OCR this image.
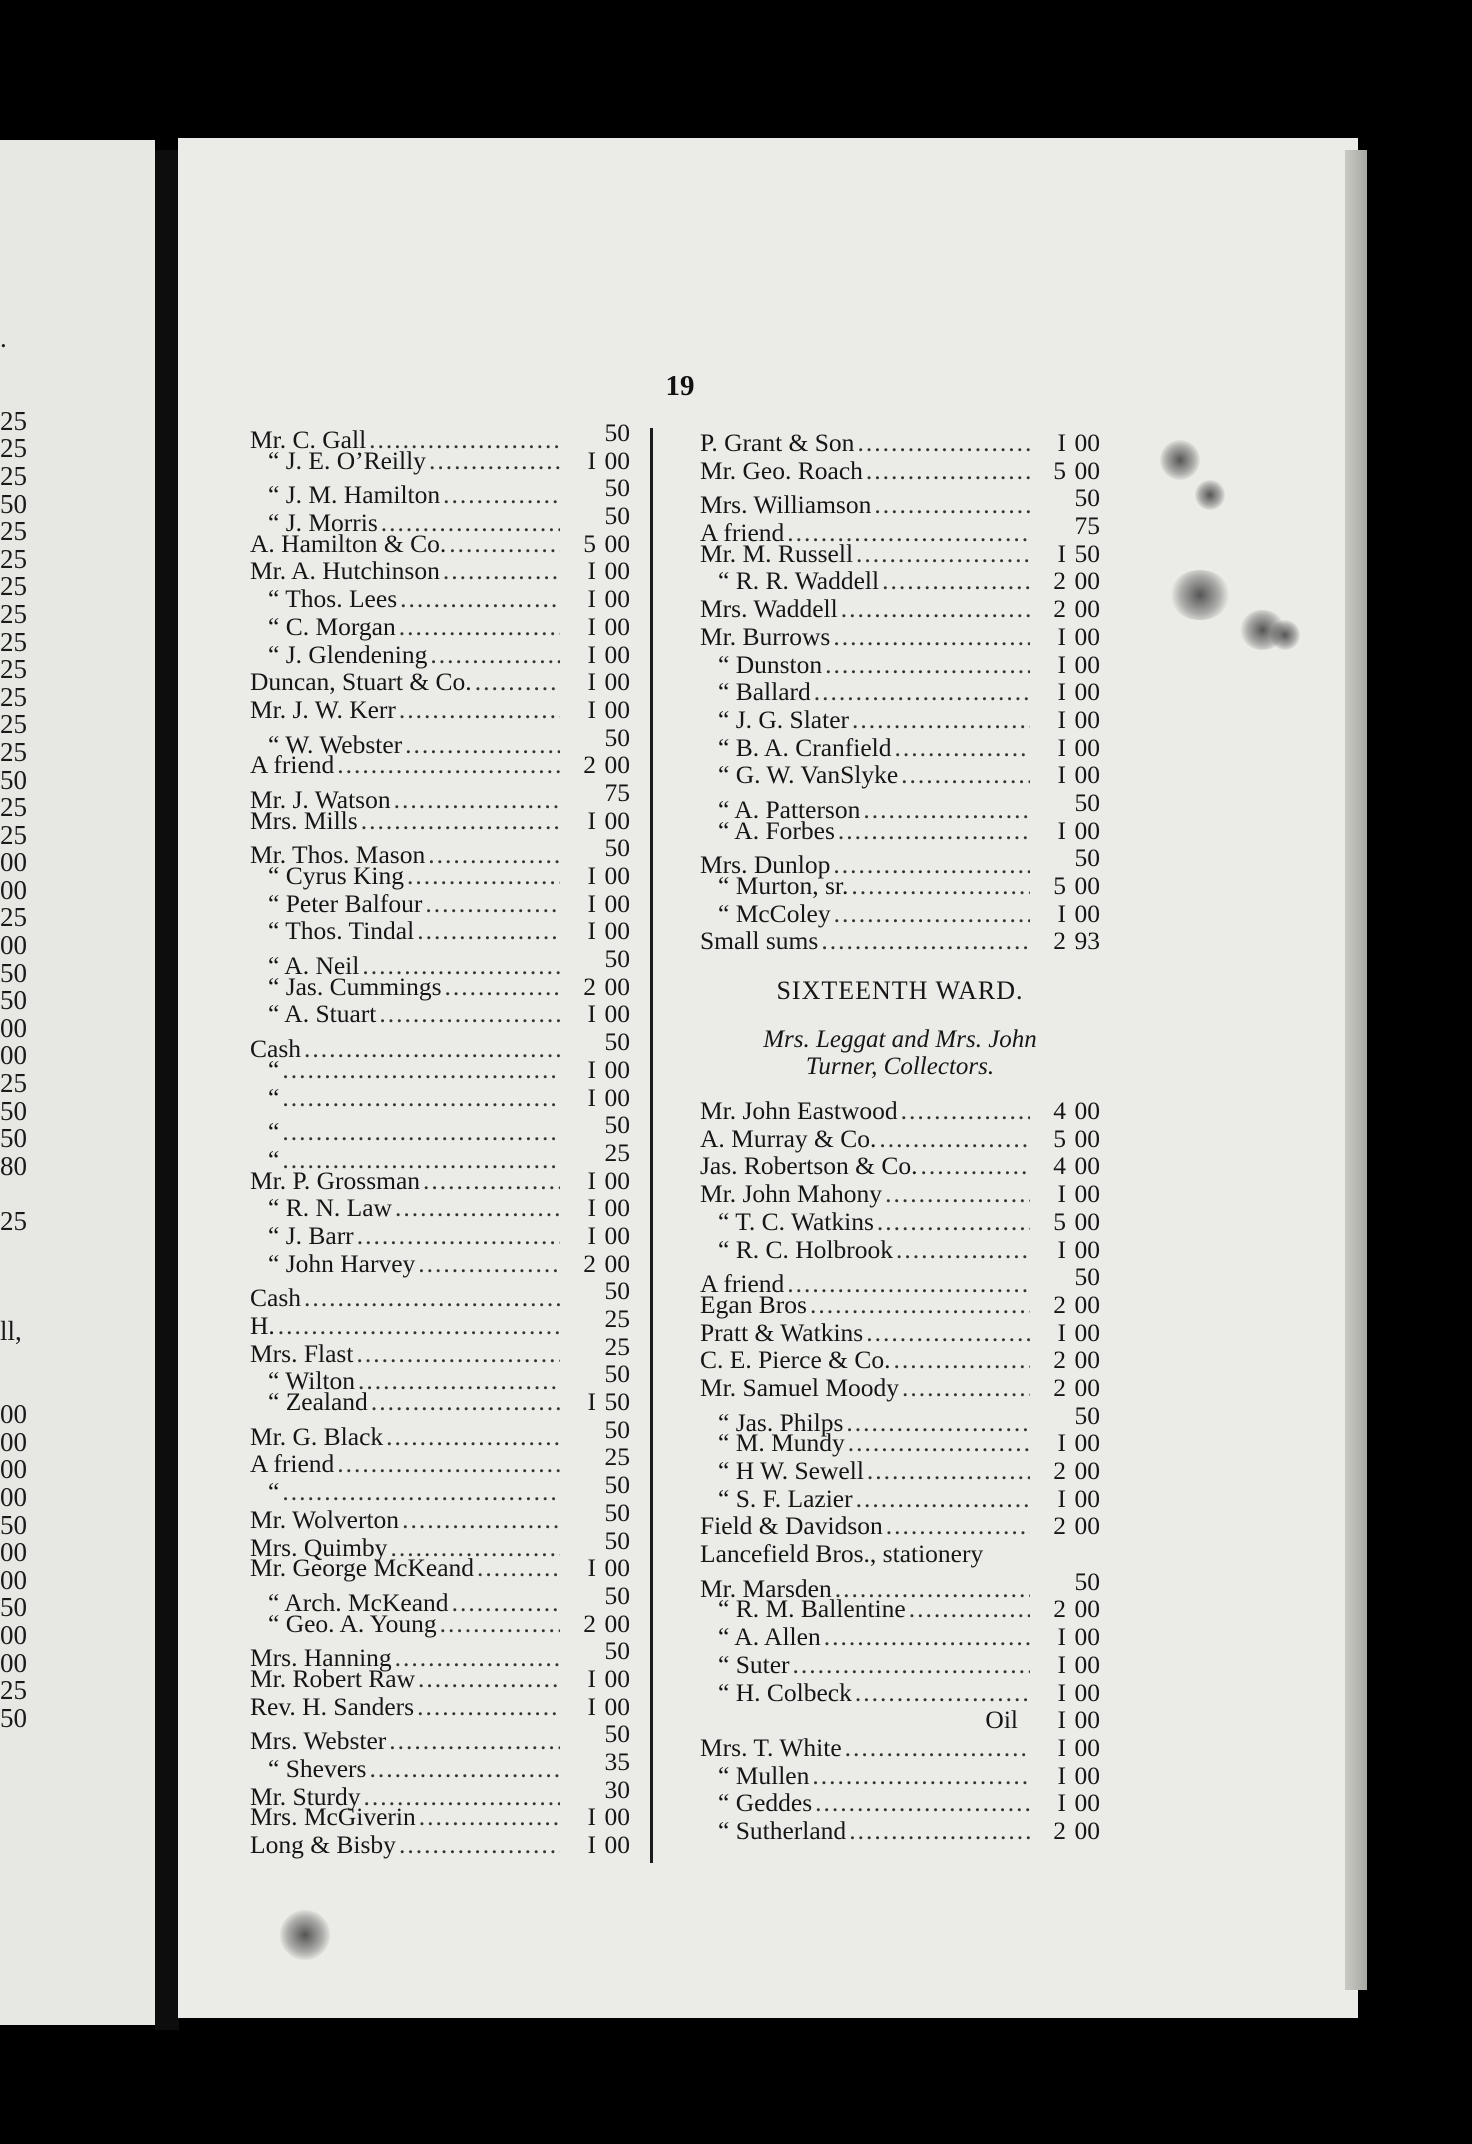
.
25
25
25
50
25
25
25
25
25
25
25
25
25
50
25
25
00
00
25
00
50
50
00
00
25
50
50
80
25
ll,
00
00
00
00
50
00
00
50
00
00
25
50
19
Mr. C. Gall .....	50
“ J. E. O’Reilly .....	I 00
“ J. M. Hamilton .....	50
“ J. Morris .....	50
A. Hamilton & Co. .....	5 00
Mr. A. Hutchinson .....	I 00
“ Thos. Lees .....	I 00
“ C. Morgan .....	I 00
“ J. Glendening .....	I 00
Duncan, Stuart & Co. .....	I 00
Mr. J. W. Kerr .....	I 00
“ W. Webster .....	50
A friend .....	2 00
Mr. J. Watson .....	75
Mrs. Mills .....	I 00
Mr. Thos. Mason .....	50
“ Cyrus King .....	I 00
“ Peter Balfour .....	I 00
“ Thos. Tindal .....	I 00
“ A. Neil .....	50
“ Jas. Cummings .....	2 00
“ A. Stuart .....	I 00
Cash .....	50
“ .....	I 00
“ .....	I 00
“ .....	50
“ .....	25
Mr. P. Grossman .....	I 00
“ R. N. Law .....	I 00
“ J. Barr .....	I 00
“ John Harvey .....	2 00
Cash .....	50
H. .....	25
Mrs. Flast .....	25
“ Wilton .....	50
“ Zealand .....	I 50
Mr. G. Black .....	50
A friend .....	25
“ .....	50
Mr. Wolverton .....	50
Mrs. Quimby .....	50
Mr. George McKeand .....	I 00
“ Arch. McKeand .....	50
“ Geo. A. Young .....	2 00
Mrs. Hanning .....	50
Mr. Robert Raw .....	I 00
Rev. H. Sanders .....	I 00
Mrs. Webster .....	50
“ Shevers .....	35
Mr. Sturdy .....	30
Mrs. McGiverin .....	I 00
Long & Bisby .....	I 00
P. Grant & Son .....	I 00
Mr. Geo. Roach .....	5 00
Mrs. Williamson .....	50
A friend .....	75
Mr. M. Russell .....	I 50
“ R. R. Waddell .....	2 00
Mrs. Waddell .....	2 00
Mr. Burrows .....	I 00
“ Dunston .....	I 00
“ Ballard .....	I 00
“ J. G. Slater .....	I 00
“ B. A. Cranfield .....	I 00
“ G. W. VanSlyke .....	I 00
“ A. Patterson .....	50
“ A. Forbes .....	I 00
Mrs. Dunlop .....	50
“ Murton, sr. .....	5 00
“ McColey .....	I 00
Small sums .....	2 93
SIXTEENTH WARD.
Mrs. Leggat and Mrs. John
Turner, Collectors.
Mr. John Eastwood .....	4 00
A. Murray & Co. .....	5 00
Jas. Robertson & Co. .....	4 00
Mr. John Mahony .....	I 00
“ T. C. Watkins .....	5 00
“ R. C. Holbrook .....	I 00
A friend .....	50
Egan Bros .....	2 00
Pratt & Watkins .....	I 00
C. E. Pierce & Co. .....	2 00
Mr. Samuel Moody .....	2 00
“ Jas. Philps .....	50
“ M. Mundy .....	I 00
“ H W. Sewell .....	2 00
“ S. F. Lazier .....	I 00
Field & Davidson .....	2 00
Lancefield Bros., stationery
Mr. Marsden .....	50
“ R. M. Ballentine .....	2 00
“ A. Allen .....	I 00
“ Suter .....	I 00
“ H. Colbeck .....	I 00
Oil	I 00
Mrs. T. White .....	I 00
“ Mullen .....	I 00
“ Geddes .....	I 00
“ Sutherland .....	2 00
